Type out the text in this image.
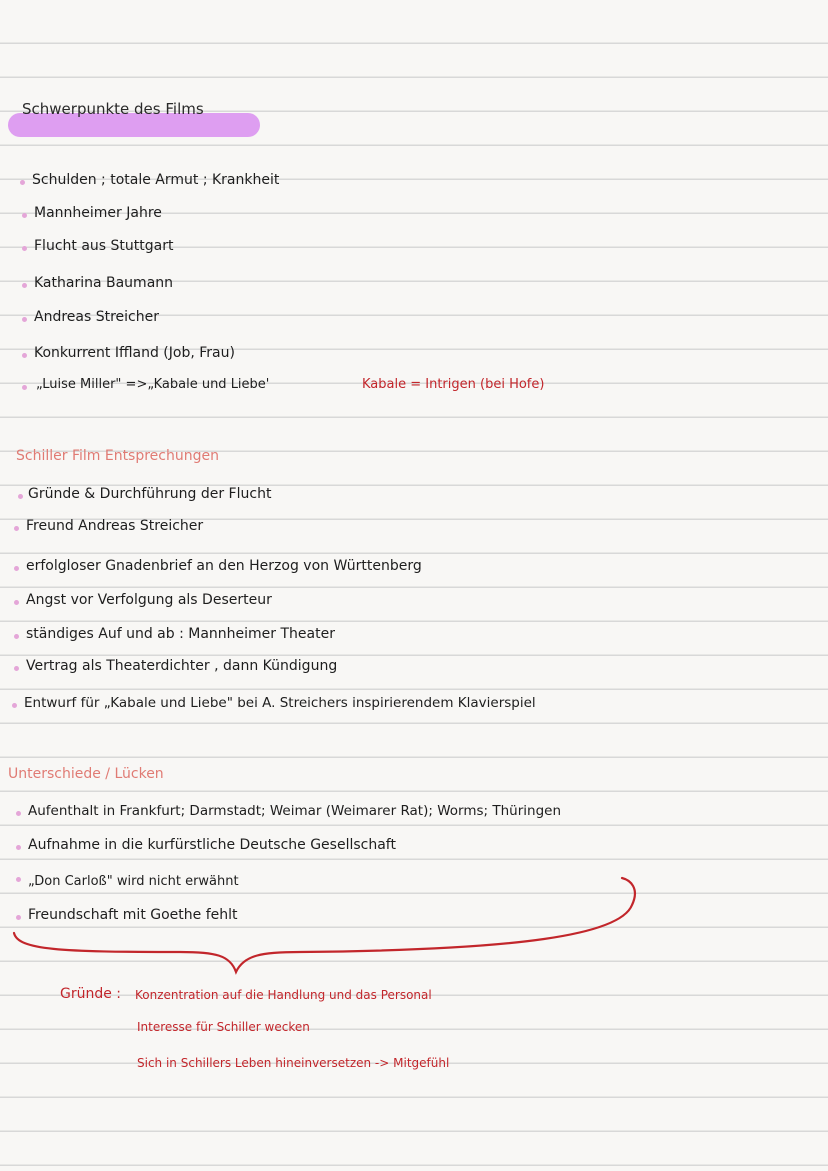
Schwerpunkte des Films
Schulden ; totale Armut ; Krankheit
Mannheimer Jahre
Flucht aus Stuttgart
Katharina Baumann
Andreas Streicher
Konkurrent Iffland (Job, Frau)
„Luise Miller" =>„Kabale und Liebe'	Kabale = Intrigen (bei Hofe)
Schiller Film Entsprechungen
Gründe & Durchführung der Flucht
Freund Andreas Streicher
erfolgloser Gnadenbrief an den Herzog von Württenberg
Angst vor Verfolgung als Deserteur
ständiges Auf und ab : Mannheimer Theater
Vertrag als Theaterdichter , dann Kündigung
Entwurf für „Kabale und Liebe" bei A. Streichers inspirierendem Klavierspiel
Unterschiede / Lücken
Aufenthalt in Frankfurt; Darmstadt; Weimar (Weimarer Rat); Worms; Thüringen
Aufnahme in die kurfürstliche Deutsche Gesellschaft
„Don Carloß" wird nicht erwähnt
Freundschaft mit Goethe fehlt
Gründe : Konzentration auf die Handlung und das Personal
Interesse für Schiller wecken
Sich in Schillers Leben hineinversetzen -> Mitgefühl
